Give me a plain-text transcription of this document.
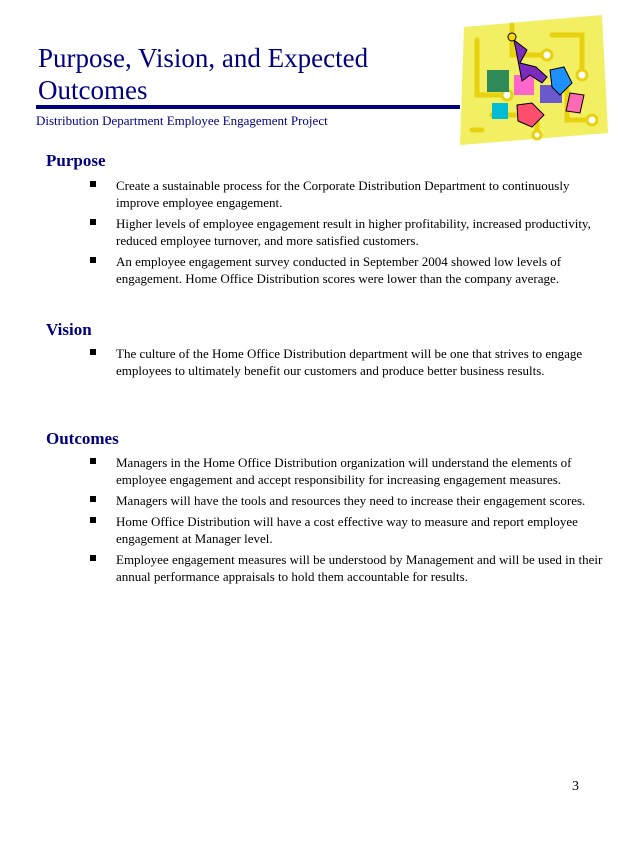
Purpose, Vision, and Expected Outcomes
Distribution Department Employee Engagement Project
Purpose
Create a sustainable process for the Corporate Distribution Department to continuously improve employee engagement.
Higher levels of employee engagement result in higher profitability, increased productivity, reduced employee turnover, and more satisfied customers.
An employee engagement survey conducted in September 2004 showed low levels of engagement. Home Office Distribution scores were lower than the company average.
Vision
The culture of the Home Office Distribution department will be one that strives to engage employees to ultimately benefit our customers and produce better business results.
Outcomes
Managers in the Home Office Distribution organization will understand the elements of employee engagement and accept responsibility for increasing engagement measures.
Managers will have the tools and resources they need to increase their engagement scores.
Home Office Distribution will have a cost effective way to measure and report employee engagement at Manager level.
Employee engagement measures will be understood by Management and will be used in their annual performance appraisals to hold them accountable for results.
3
